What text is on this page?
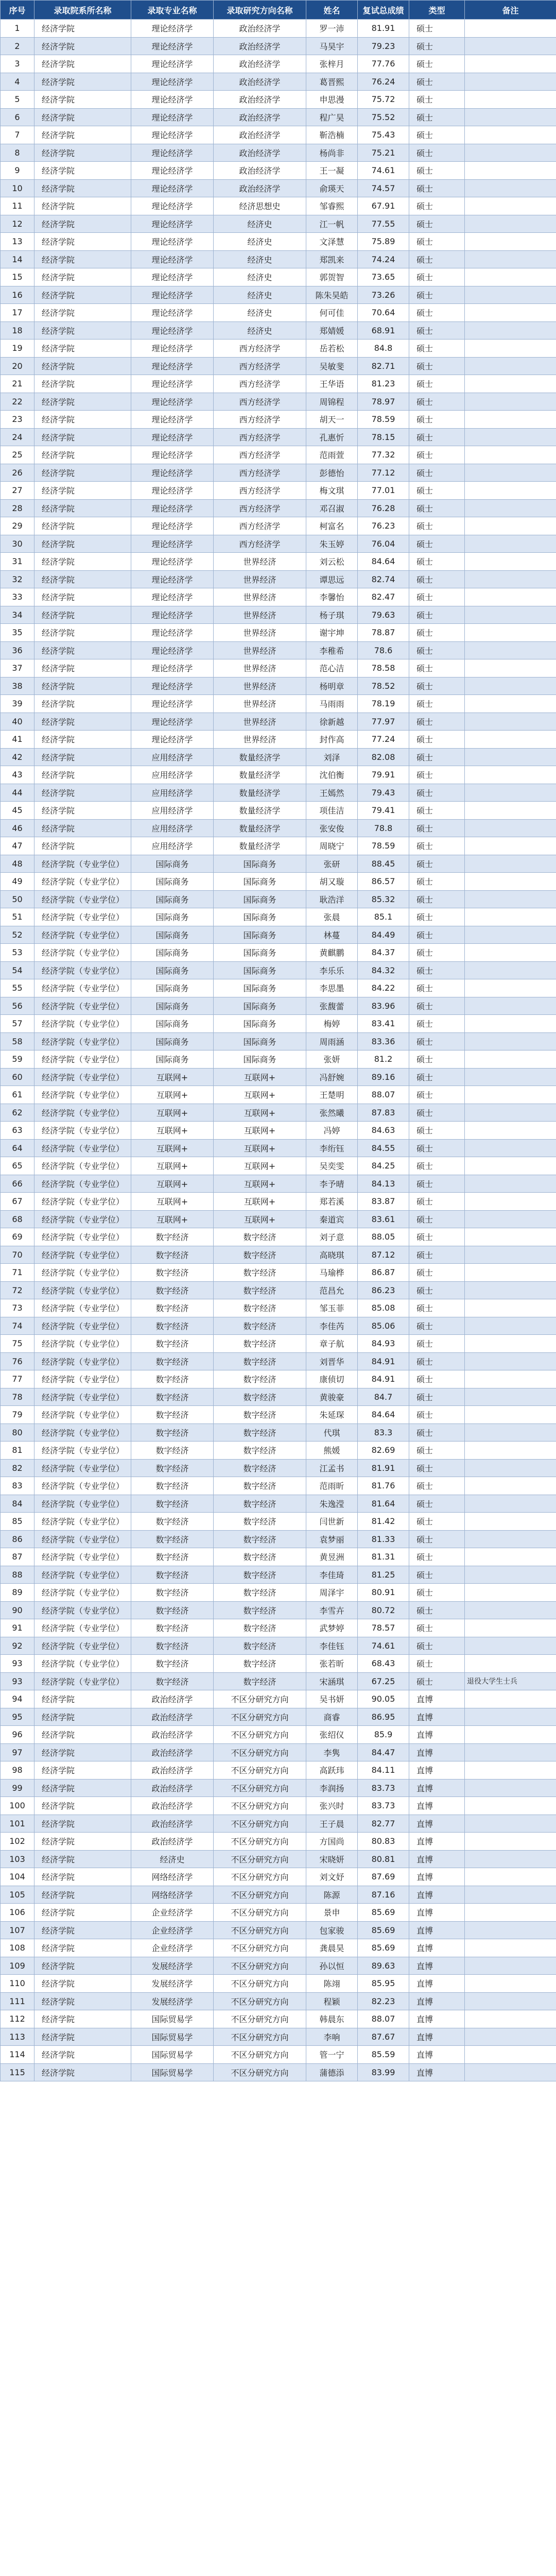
序号	录取院系所名称	录取专业名称	录取研究方向名称	姓名	复试总成绩	类型	备注
1	经济学院	理论经济学	政治经济学	罗一沛	81.91	硕士	
2	经济学院	理论经济学	政治经济学	马昊宇	79.23	硕士	
3	经济学院	理论经济学	政治经济学	张梓月	77.76	硕士	
4	经济学院	理论经济学	政治经济学	葛晋熙	76.24	硕士	
5	经济学院	理论经济学	政治经济学	申思漫	75.72	硕士	
6	经济学院	理论经济学	政治经济学	程广昊	75.52	硕士	
7	经济学院	理论经济学	政治经济学	靳浩楠	75.43	硕士	
8	经济学院	理论经济学	政治经济学	杨尚非	75.21	硕士	
9	经济学院	理论经济学	政治经济学	王一凝	74.61	硕士	
10	经济学院	理论经济学	政治经济学	俞瑛天	74.57	硕士	
11	经济学院	理论经济学	经济思想史	邹睿熙	67.91	硕士	
12	经济学院	理论经济学	经济史	江一帆	77.55	硕士	
13	经济学院	理论经济学	经济史	文泽慧	75.89	硕士	
14	经济学院	理论经济学	经济史	郑凯来	74.24	硕士	
15	经济学院	理论经济学	经济史	郭贺智	73.65	硕士	
16	经济学院	理论经济学	经济史	陈朱昊皓	73.26	硕士	
17	经济学院	理论经济学	经济史	何可佳	70.64	硕士	
18	经济学院	理论经济学	经济史	郑婧媛	68.91	硕士	
19	经济学院	理论经济学	西方经济学	岳若松	84.8	硕士	
20	经济学院	理论经济学	西方经济学	吴敏斐	82.71	硕士	
21	经济学院	理论经济学	西方经济学	王华语	81.23	硕士	
22	经济学院	理论经济学	西方经济学	周锦程	78.97	硕士	
23	经济学院	理论经济学	西方经济学	胡天一	78.59	硕士	
24	经济学院	理论经济学	西方经济学	孔惠忻	78.15	硕士	
25	经济学院	理论经济学	西方经济学	范雨萱	77.32	硕士	
26	经济学院	理论经济学	西方经济学	彭德怡	77.12	硕士	
27	经济学院	理论经济学	西方经济学	梅文琪	77.01	硕士	
28	经济学院	理论经济学	西方经济学	邓召淑	76.28	硕士	
29	经济学院	理论经济学	西方经济学	柯富名	76.23	硕士	
30	经济学院	理论经济学	西方经济学	朱玉婷	76.04	硕士	
31	经济学院	理论经济学	世界经济	刘云松	84.64	硕士	
32	经济学院	理论经济学	世界经济	谭思远	82.74	硕士	
33	经济学院	理论经济学	世界经济	李馨怡	82.47	硕士	
34	经济学院	理论经济学	世界经济	杨子琪	79.63	硕士	
35	经济学院	理论经济学	世界经济	谢宇坤	78.87	硕士	
36	经济学院	理论经济学	世界经济	李稚希	78.6	硕士	
37	经济学院	理论经济学	世界经济	范心洁	78.58	硕士	
38	经济学院	理论经济学	世界经济	杨明章	78.52	硕士	
39	经济学院	理论经济学	世界经济	马雨雨	78.19	硕士	
40	经济学院	理论经济学	世界经济	徐新越	77.97	硕士	
41	经济学院	理论经济学	世界经济	封作高	77.24	硕士	
42	经济学院	应用经济学	数量经济学	刘泽	82.08	硕士	
43	经济学院	应用经济学	数量经济学	沈伯衡	79.91	硕士	
44	经济学院	应用经济学	数量经济学	王嫣然	79.43	硕士	
45	经济学院	应用经济学	数量经济学	项佳洁	79.41	硕士	
46	经济学院	应用经济学	数量经济学	张安俊	78.8	硕士	
47	经济学院	应用经济学	数量经济学	周晓宁	78.59	硕士	
48	经济学院（专业学位）	国际商务	国际商务	张研	88.45	硕士	
49	经济学院（专业学位）	国际商务	国际商务	胡又璇	86.57	硕士	
50	经济学院（专业学位）	国际商务	国际商务	耿浩洋	85.32	硕士	
51	经济学院（专业学位）	国际商务	国际商务	张晨	85.1	硕士	
52	经济学院（专业学位）	国际商务	国际商务	林蔓	84.49	硕士	
53	经济学院（专业学位）	国际商务	国际商务	黄麒鹏	84.37	硕士	
54	经济学院（专业学位）	国际商务	国际商务	李乐乐	84.32	硕士	
55	经济学院（专业学位）	国际商务	国际商务	李思墨	84.22	硕士	
56	经济学院（专业学位）	国际商务	国际商务	张馥蕾	83.96	硕士	
57	经济学院（专业学位）	国际商务	国际商务	梅婷	83.41	硕士	
58	经济学院（专业学位）	国际商务	国际商务	周雨涵	83.36	硕士	
59	经济学院（专业学位）	国际商务	国际商务	张妍	81.2	硕士	
60	经济学院（专业学位）	互联网+	互联网+	冯舒婉	89.16	硕士	
61	经济学院（专业学位）	互联网+	互联网+	王楚明	88.07	硕士	
62	经济学院（专业学位）	互联网+	互联网+	张然曦	87.83	硕士	
63	经济学院（专业学位）	互联网+	互联网+	冯婷	84.63	硕士	
64	经济学院（专业学位）	互联网+	互联网+	李绗钰	84.55	硕士	
65	经济学院（专业学位）	互联网+	互联网+	吴奕雯	84.25	硕士	
66	经济学院（专业学位）	互联网+	互联网+	李予晴	84.13	硕士	
67	经济学院（专业学位）	互联网+	互联网+	郑若溪	83.87	硕士	
68	经济学院（专业学位）	互联网+	互联网+	秦道宾	83.61	硕士	
69	经济学院（专业学位）	数字经济	数字经济	刘子意	88.05	硕士	
70	经济学院（专业学位）	数字经济	数字经济	高晓琪	87.12	硕士	
71	经济学院（专业学位）	数字经济	数字经济	马瑜桦	86.87	硕士	
72	经济学院（专业学位）	数字经济	数字经济	范昌允	86.23	硕士	
73	经济学院（专业学位）	数字经济	数字经济	邹玉菲	85.08	硕士	
74	经济学院（专业学位）	数字经济	数字经济	李佳芮	85.06	硕士	
75	经济学院（专业学位）	数字经济	数字经济	章子航	84.93	硕士	
76	经济学院（专业学位）	数字经济	数字经济	刘晋华	84.91	硕士	
77	经济学院（专业学位）	数字经济	数字经济	康侦切	84.91	硕士	
78	经济学院（专业学位）	数字经济	数字经济	黄骏豪	84.7	硕士	
79	经济学院（专业学位）	数字经济	数字经济	朱延琛	84.64	硕士	
80	经济学院（专业学位）	数字经济	数字经济	代琪	83.3	硕士	
81	经济学院（专业学位）	数字经济	数字经济	熊媛	82.69	硕士	
82	经济学院（专业学位）	数字经济	数字经济	江孟书	81.91	硕士	
83	经济学院（专业学位）	数字经济	数字经济	范雨昕	81.76	硕士	
84	经济学院（专业学位）	数字经济	数字经济	朱逸滢	81.64	硕士	
85	经济学院（专业学位）	数字经济	数字经济	闫世新	81.42	硕士	
86	经济学院（专业学位）	数字经济	数字经济	袁梦丽	81.33	硕士	
87	经济学院（专业学位）	数字经济	数字经济	黄昱洲	81.31	硕士	
88	经济学院（专业学位）	数字经济	数字经济	李佳琦	81.25	硕士	
89	经济学院（专业学位）	数字经济	数字经济	周泽宇	80.91	硕士	
90	经济学院（专业学位）	数字经济	数字经济	李雪卉	80.72	硕士	
91	经济学院（专业学位）	数字经济	数字经济	武梦婷	78.57	硕士	
92	经济学院（专业学位）	数字经济	数字经济	李佳钰	74.61	硕士	
93	经济学院（专业学位）	数字经济	数字经济	张若昕	68.43	硕士	
93	经济学院（专业学位）	数字经济	数字经济	宋涵琪	67.25	硕士	退役大学生士兵
94	经济学院	政治经济学	不区分研究方向	吴书妍	90.05	直博	
95	经济学院	政治经济学	不区分研究方向	商睿	86.95	直博	
96	经济学院	政治经济学	不区分研究方向	张绍仪	85.9	直博	
97	经济学院	政治经济学	不区分研究方向	李隽	84.47	直博	
98	经济学院	政治经济学	不区分研究方向	高跃玮	84.11	直博	
99	经济学院	政治经济学	不区分研究方向	李润扬	83.73	直博	
100	经济学院	政治经济学	不区分研究方向	张兴时	83.73	直博	
101	经济学院	政治经济学	不区分研究方向	王子晨	82.77	直博	
102	经济学院	政治经济学	不区分研究方向	方国尚	80.83	直博	
103	经济学院	经济史	不区分研究方向	宋晓妍	80.81	直博	
104	经济学院	网络经济学	不区分研究方向	刘文妤	87.69	直博	
105	经济学院	网络经济学	不区分研究方向	陈源	87.16	直博	
106	经济学院	企业经济学	不区分研究方向	景申	85.69	直博	
107	经济学院	企业经济学	不区分研究方向	包家骏	85.69	直博	
108	经济学院	企业经济学	不区分研究方向	龚晨昊	85.69	直博	
109	经济学院	发展经济学	不区分研究方向	孙以恒	89.63	直博	
110	经济学院	发展经济学	不区分研究方向	陈翊	85.95	直博	
111	经济学院	发展经济学	不区分研究方向	程颖	82.23	直博	
112	经济学院	国际贸易学	不区分研究方向	韩晨东	88.07	直博	
113	经济学院	国际贸易学	不区分研究方向	李响	87.67	直博	
114	经济学院	国际贸易学	不区分研究方向	管一宁	85.59	直博	
115	经济学院	国际贸易学	不区分研究方向	蒲德添	83.99	直博	
